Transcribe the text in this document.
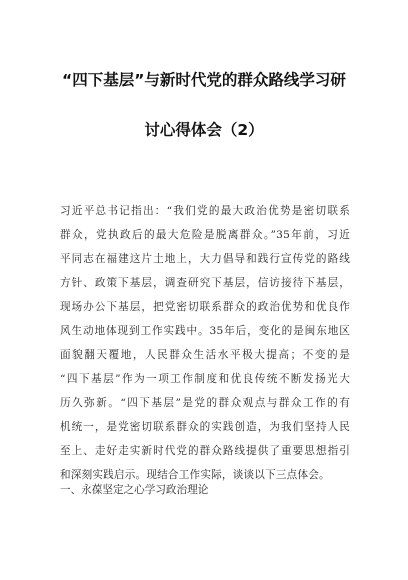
“四下基层”与新时代党的群众路线学习研
讨心得体会（2）
习近平总书记指出：“我们党的最大政治优势是密切联系
群众，党执政后的最大危险是脱离群众。”35年前，习近
平同志在福建这片土地上，大力倡导和践行宣传党的路线
方针、政策下基层，调查研究下基层，信访接待下基层，
现场办公下基层，把党密切联系群众的政治优势和优良作
风生动地体现到工作实践中。35年后，变化的是闽东地区
面貌翻天覆地，人民群众生活水平极大提高；不变的是
“四下基层”作为一项工作制度和优良传统不断发扬光大
历久弥新。“四下基层”是党的群众观点与群众工作的有
机统一，是党密切联系群众的实践创造，为我们坚持人民
至上、走好走实新时代党的群众路线提供了重要思想指引
和深刻实践启示。现结合工作实际，谈谈以下三点体会。
一、永葆坚定之心学习政治理论
